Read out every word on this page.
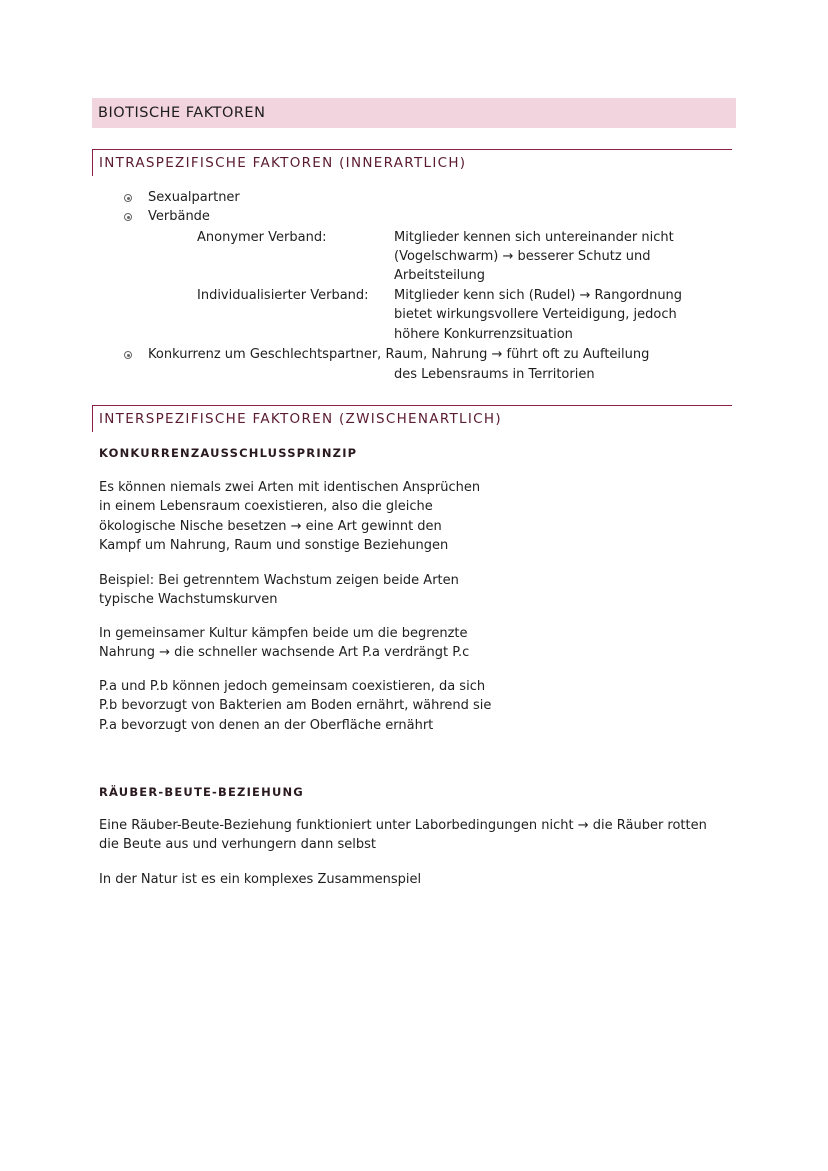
BIOTISCHE FAKTOREN
INTRASPEZIFISCHE FAKTOREN (INNERARTLICH)
Sexualpartner
Verbände
Anonymer Verband:	Mitglieder kennen sich untereinander nicht
(Vogelschwarm) → besserer Schutz und
Arbeitsteilung
Individualisierter Verband: Mitglieder kenn sich (Rudel) → Rangordnung
bietet wirkungsvollere Verteidigung, jedoch
höhere Konkurrenzsituation
Konkurrenz um Geschlechtspartner, Raum, Nahrung → führt oft zu Aufteilung
des Lebensraums in Territorien
INTERSPEZIFISCHE FAKTOREN (ZWISCHENARTLICH)
KONKURRENZAUSSCHLUSSPRINZIP
Es können niemals zwei Arten mit identischen Ansprüchen
in einem Lebensraum coexistieren, also die gleiche
ökologische Nische besetzen → eine Art gewinnt den
Kampf um Nahrung, Raum und sonstige Beziehungen
Beispiel: Bei getrenntem Wachstum zeigen beide Arten
typische Wachstumskurven
In gemeinsamer Kultur kämpfen beide um die begrenzte
Nahrung → die schneller wachsende Art P.a verdrängt P.c
P.a und P.b können jedoch gemeinsam coexistieren, da sich
P.b bevorzugt von Bakterien am Boden ernährt, während sie
P.a bevorzugt von denen an der Oberfläche ernährt
RÄUBER-BEUTE-BEZIEHUNG
Eine Räuber-Beute-Beziehung funktioniert unter Laborbedingungen nicht → die Räuber rotten
die Beute aus und verhungern dann selbst
In der Natur ist es ein komplexes Zusammenspiel
